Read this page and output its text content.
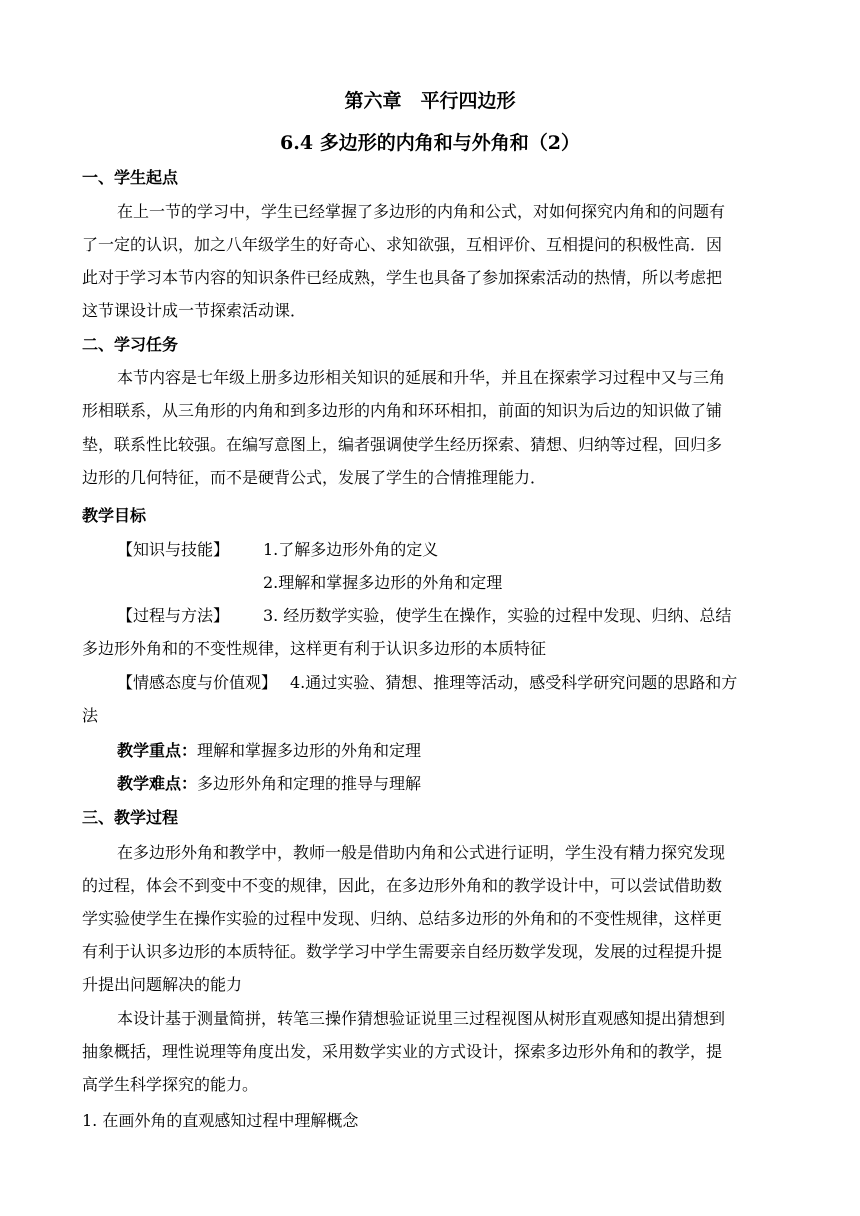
第六章　平行四边形
6.4 多边形的内角和与外角和（2）
一、学生起点
在上一节的学习中，学生已经掌握了多边形的内角和公式，对如何探究内角和的问题有
了一定的认识，加之八年级学生的好奇心、求知欲强，互相评价、互相提问的积极性高．因
此对于学习本节内容的知识条件已经成熟，学生也具备了参加探索活动的热情，所以考虑把
这节课设计成一节探索活动课．
二、学习任务
本节内容是七年级上册多边形相关知识的延展和升华，并且在探索学习过程中又与三角
形相联系，从三角形的内角和到多边形的内角和环环相扣，前面的知识为后边的知识做了铺
垫，联系性比较强。在编写意图上，编者强调使学生经历探索、猜想、归纳等过程，回归多
边形的几何特征，而不是硬背公式，发展了学生的合情推理能力．
教学目标
【知识与技能】	1.了解多边形外角的定义
2.理解和掌握多边形的外角和定理
【过程与方法】	3. 经历数学实验，使学生在操作，实验的过程中发现、归纳、总结
多边形外角和的不变性规律，这样更有利于认识多边形的本质特征
【情感态度与价值观】 4.通过实验、猜想、推理等活动，感受科学研究问题的思路和方
法
教学重点：理解和掌握多边形的外角和定理
教学难点：多边形外角和定理的推导与理解
三、教学过程
在多边形外角和教学中，教师一般是借助内角和公式进行证明，学生没有精力探究发现
的过程，体会不到变中不变的规律，因此，在多边形外角和的教学设计中，可以尝试借助数
学实验使学生在操作实验的过程中发现、归纳、总结多边形的外角和的不变性规律，这样更
有利于认识多边形的本质特征。数学学习中学生需要亲自经历数学发现，发展的过程提升提
升提出问题解决的能力
本设计基于测量简拼，转笔三操作猜想验证说里三过程视图从树形直观感知提出猜想到
抽象概括，理性说理等角度出发，采用数学实业的方式设计，探索多边形外角和的教学，提
高学生科学探究的能力。
1. 在画外角的直观感知过程中理解概念
